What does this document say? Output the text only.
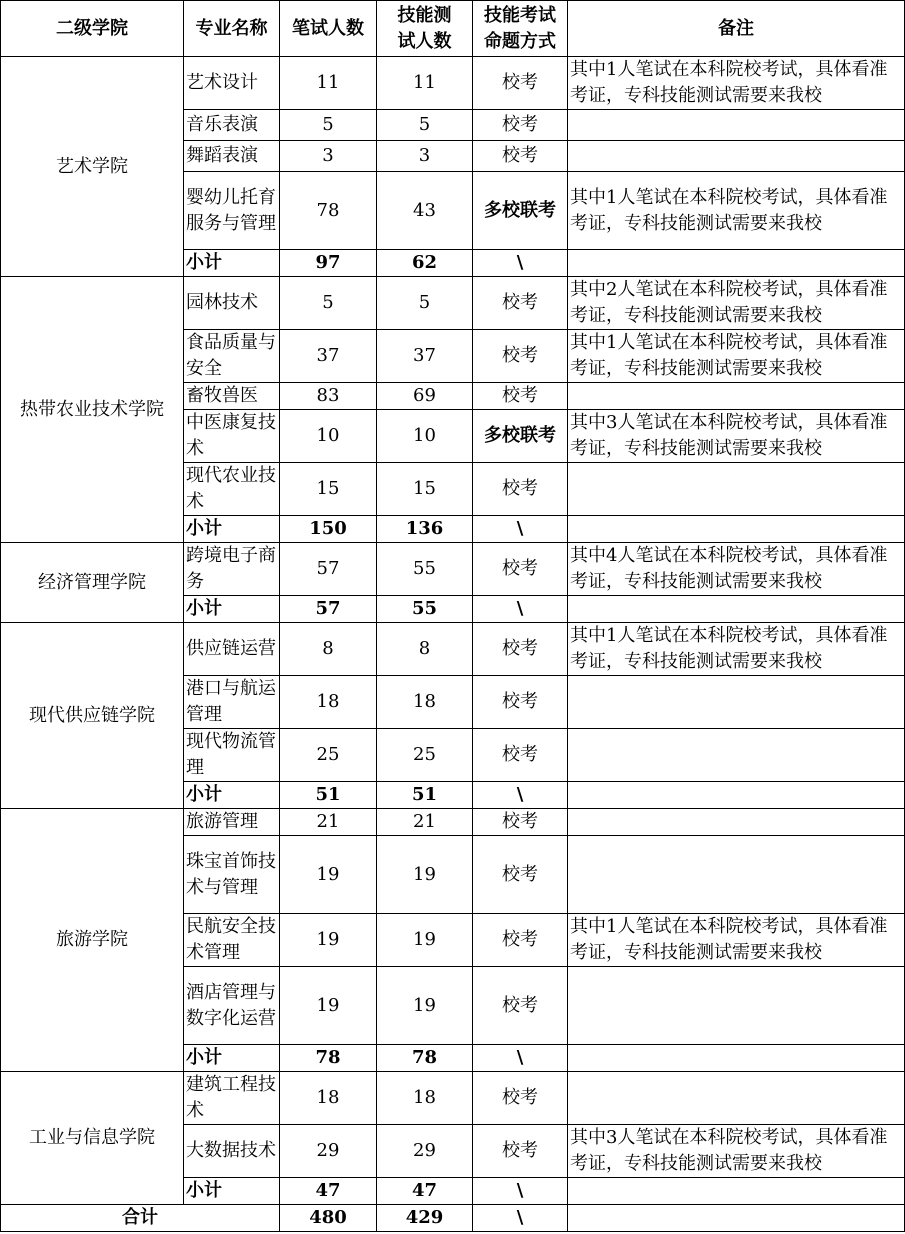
二级学院	专业名称	笔试人数	技能测试人数	技能考试命题方式	备注
艺术学院	艺术设计	11	11	校考	其中1人笔试在本科院校考试，具体看准考证，专科技能测试需要来我校
	音乐表演	5	5	校考	
	舞蹈表演	3	3	校考	
	婴幼儿托育服务与管理	78	43	多校联考	其中1人笔试在本科院校考试，具体看准考证，专科技能测试需要来我校
	小计	97	62	\	
热带农业技术学院	园林技术	5	5	校考	其中2人笔试在本科院校考试，具体看准考证，专科技能测试需要来我校
	食品质量与安全	37	37	校考	其中1人笔试在本科院校考试，具体看准考证，专科技能测试需要来我校
	畜牧兽医	83	69	校考	
	中医康复技术	10	10	多校联考	其中3人笔试在本科院校考试，具体看准考证，专科技能测试需要来我校
	现代农业技术	15	15	校考	
	小计	150	136	\	
经济管理学院	跨境电子商务	57	55	校考	其中4人笔试在本科院校考试，具体看准考证，专科技能测试需要来我校
	小计	57	55	\	
现代供应链学院	供应链运营	8	8	校考	其中1人笔试在本科院校考试，具体看准考证，专科技能测试需要来我校
	港口与航运管理	18	18	校考	
	现代物流管理	25	25	校考	
	小计	51	51	\	
旅游学院	旅游管理	21	21	校考	
	珠宝首饰技术与管理	19	19	校考	
	民航安全技术管理	19	19	校考	其中1人笔试在本科院校考试，具体看准考证，专科技能测试需要来我校
	酒店管理与数字化运营	19	19	校考	
	小计	78	78	\	
工业与信息学院	建筑工程技术	18	18	校考	
	大数据技术	29	29	校考	其中3人笔试在本科院校考试，具体看准考证，专科技能测试需要来我校
	小计	47	47	\	
合计		480	429	\	
